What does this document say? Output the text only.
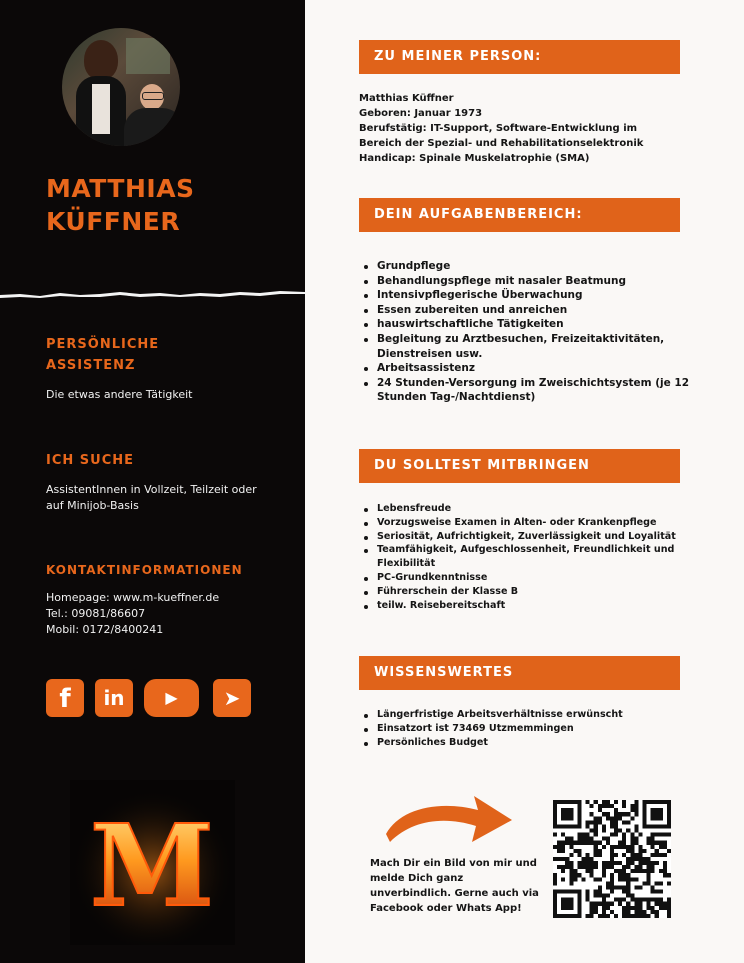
MATTHIAS
KÜFFNER
PERSÖNLICHE
ASSISTENZ
Die etwas andere Tätigkeit
ICH SUCHE
AssistentInnen in Vollzeit, Teilzeit oder
auf Minijob-Basis
KONTAKTINFORMATIONEN
Homepage: www.m-kueffner.de
Tel.: 09081/86607
Mobil: 0172/8400241
f	in	▶	➤
M
ZU MEINER PERSON:
Matthias Küffner
Geboren: Januar 1973
Berufstätig: IT-Support, Software-Entwicklung im
Bereich der Spezial- und Rehabilitationselektronik
Handicap: Spinale Muskelatrophie (SMA)
DEIN AUFGABENBEREICH:
Grundpflege
Behandlungspflege mit nasaler Beatmung
Intensivpflegerische Überwachung
Essen zubereiten und anreichen
hauswirtschaftliche Tätigkeiten
Begleitung zu Arztbesuchen, Freizeitaktivitäten, Dienstreisen usw.
Arbeitsassistenz
24 Stunden-Versorgung im Zweischichtsystem (je 12 Stunden Tag-/Nachtdienst)
DU SOLLTEST MITBRINGEN
Lebensfreude
Vorzugsweise Examen in Alten- oder Krankenpflege
Seriosität, Aufrichtigkeit, Zuverlässigkeit und Loyalität
Teamfähigkeit, Aufgeschlossenheit, Freundlichkeit und Flexibilität
PC-Grundkenntnisse
Führerschein der Klasse B
teilw. Reisebereitschaft
WISSENSWERTES
Längerfristige Arbeitsverhältnisse erwünscht
Einsatzort ist 73469 Utzmemmingen
Persönliches Budget
Mach Dir ein Bild von mir und
melde Dich ganz
unverbindlich. Gerne auch via
Facebook oder Whats App!
